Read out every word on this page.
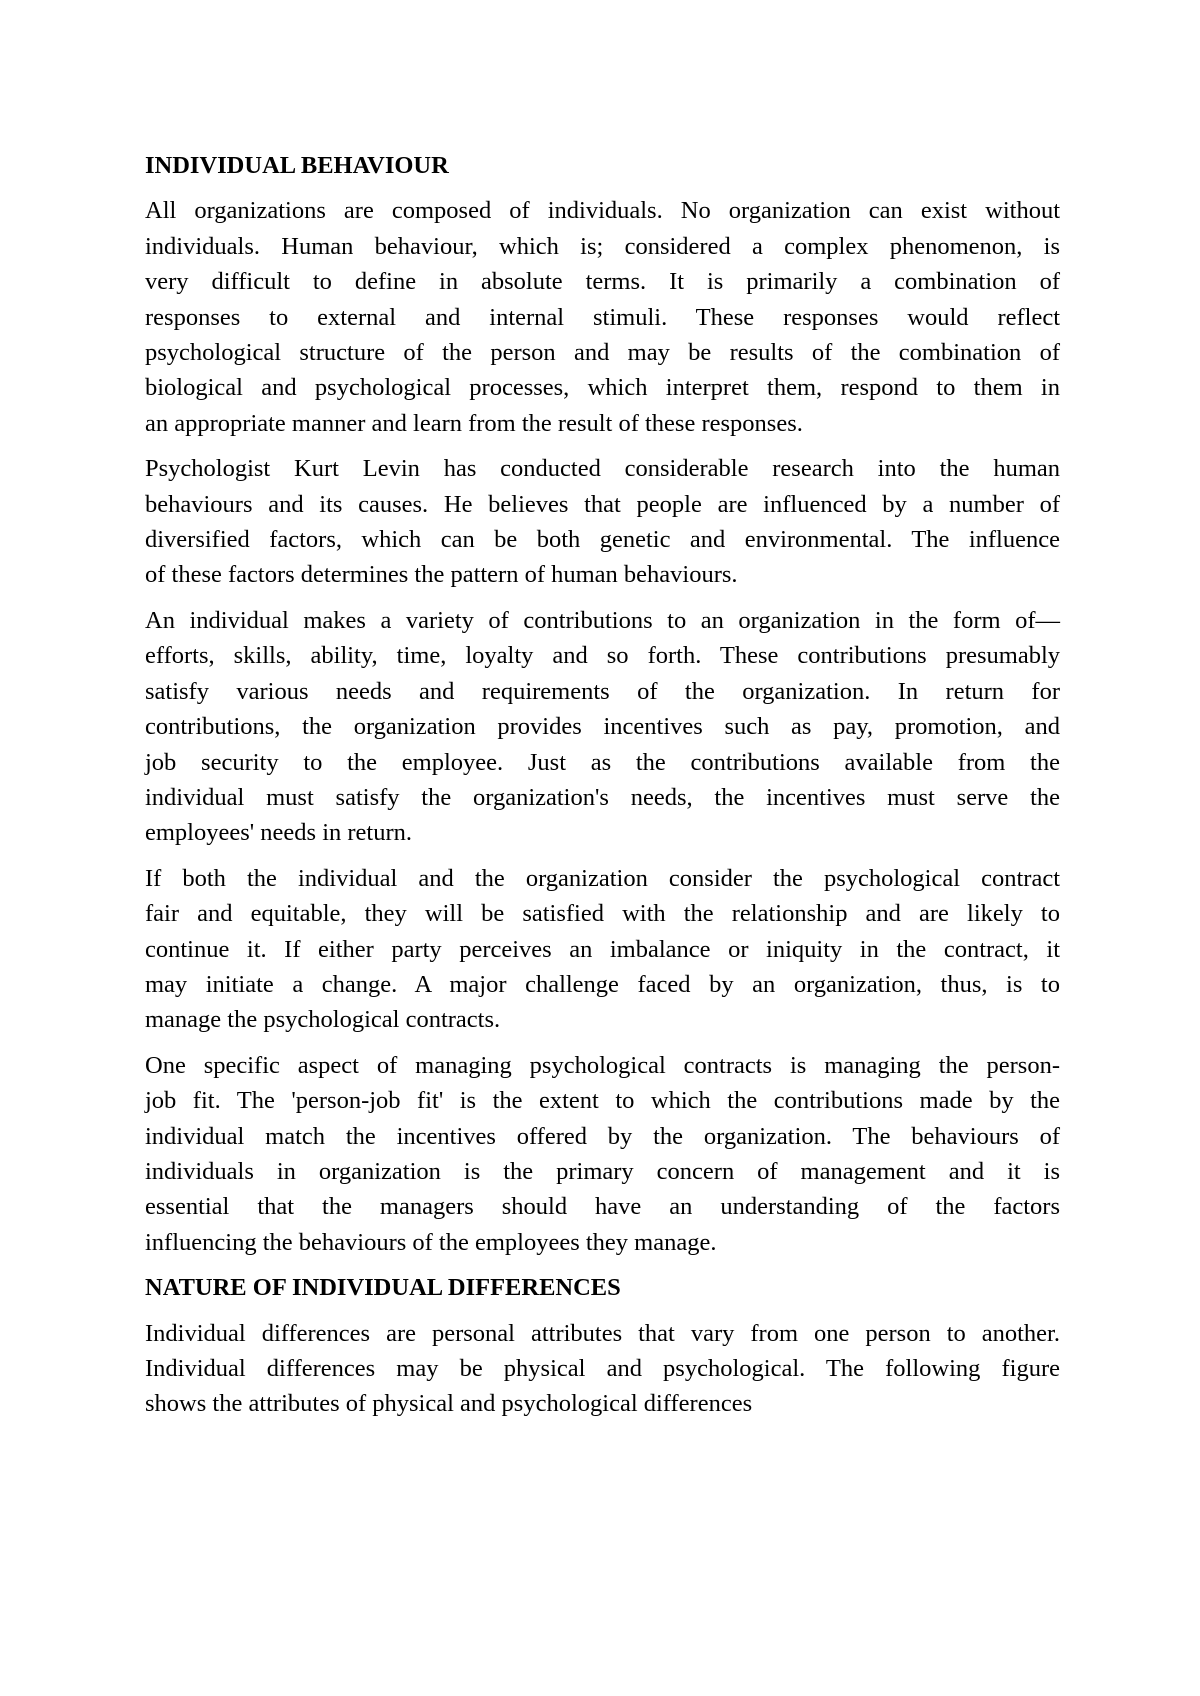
INDIVIDUAL BEHAVIOUR
All organizations are composed of individuals. No organization can exist without
individuals. Human behaviour, which is; considered a complex phenomenon, is
very difficult to define in absolute terms. It is primarily a combination of
responses to external and internal stimuli. These responses would reflect
psychological structure of the person and may be results of the combination of
biological and psychological processes, which interpret them, respond to them in
an appropriate manner and learn from the result of these responses.
Psychologist Kurt Levin has conducted considerable research into the human
behaviours and its causes. He believes that people are influenced by a number of
diversified factors, which can be both genetic and environmental. The influence
of these factors determines the pattern of human behaviours.
An individual makes a variety of contributions to an organization in the form of—
efforts, skills, ability, time, loyalty and so forth. These contributions presumably
satisfy various needs and requirements of the organization. In return for
contributions, the organization provides incentives such as pay, promotion, and
job security to the employee. Just as the contributions available from the
individual must satisfy the organization's needs, the incentives must serve the
employees' needs in return.
If both the individual and the organization consider the psychological contract
fair and equitable, they will be satisfied with the relationship and are likely to
continue it. If either party perceives an imbalance or iniquity in the contract, it
may initiate a change. A major challenge faced by an organization, thus, is to
manage the psychological contracts.
One specific aspect of managing psychological contracts is managing the person-
job fit. The 'person-job fit' is the extent to which the contributions made by the
individual match the incentives offered by the organization. The behaviours of
individuals in organization is the primary concern of management and it is
essential that the managers should have an understanding of the factors
influencing the behaviours of the employees they manage.
NATURE OF INDIVIDUAL DIFFERENCES
Individual differences are personal attributes that vary from one person to another.
Individual differences may be physical and psychological. The following figure
shows the attributes of physical and psychological differences
